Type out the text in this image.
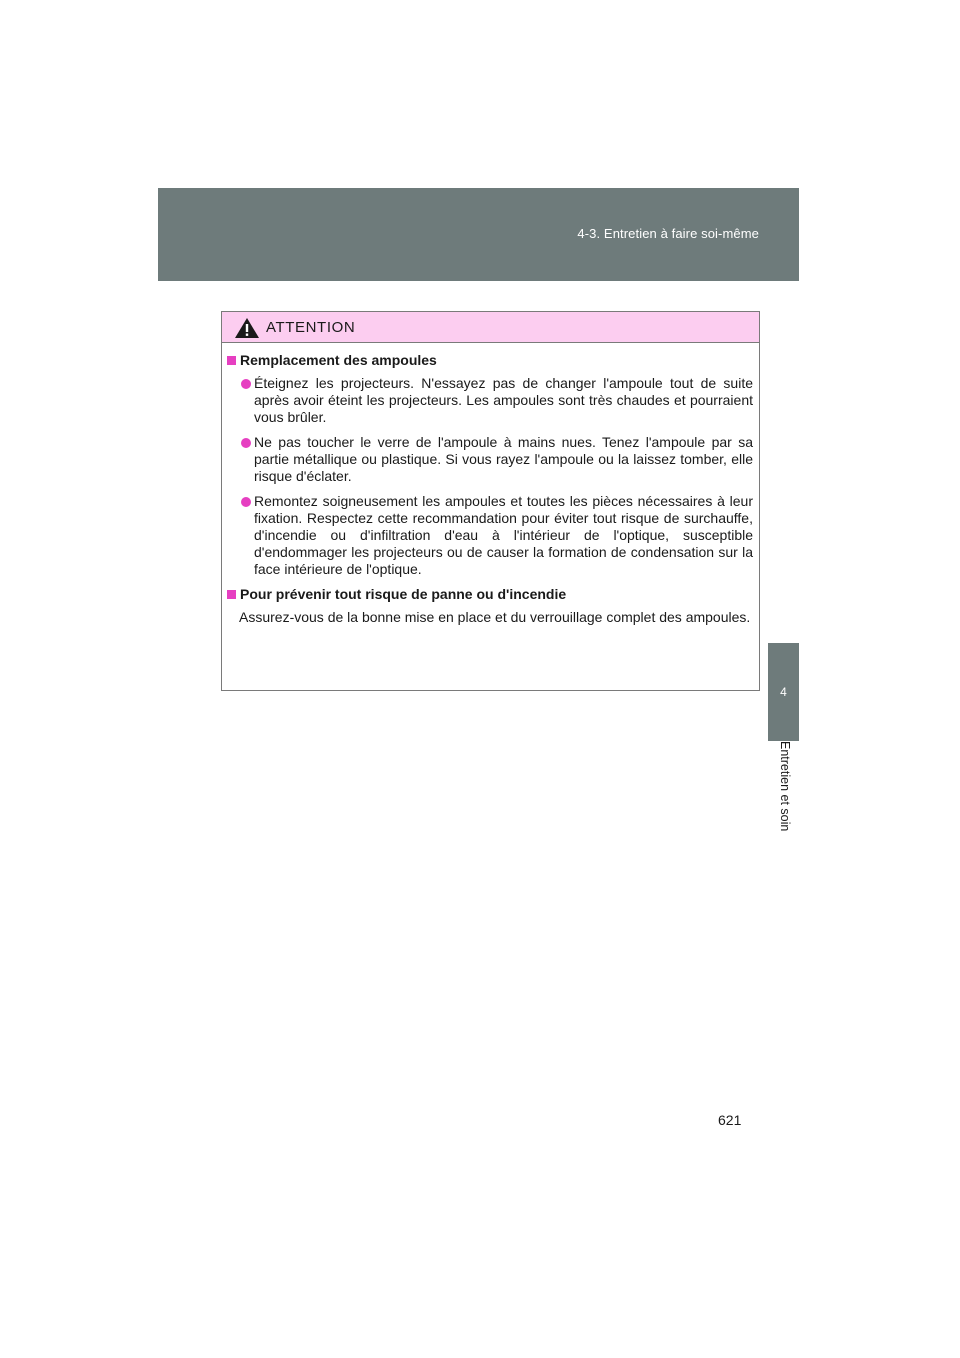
4-3. Entretien à faire soi-même
4
Entretien et soin
ATTENTION
Remplacement des ampoules
Éteignez les projecteurs. N'essayez pas de changer l'ampoule tout de suite après avoir éteint les projecteurs. Les ampoules sont très chaudes et pourraient vous brûler.
Ne pas toucher le verre de l'ampoule à mains nues. Tenez l'ampoule par sa partie métallique ou plastique. Si vous rayez l'ampoule ou la laissez tomber, elle risque d'éclater.
Remontez soigneusement les ampoules et toutes les pièces nécessaires à leur fixation. Respectez cette recommandation pour éviter tout risque de surchauffe, d'incendie ou d'infiltration d'eau à l'intérieur de l'optique, susceptible d'endommager les projecteurs ou de causer la formation de condensation sur la face intérieure de l'optique.
Pour prévenir tout risque de panne ou d'incendie

Assurez-vous de la bonne mise en place et du verrouillage complet des ampoules.

621
